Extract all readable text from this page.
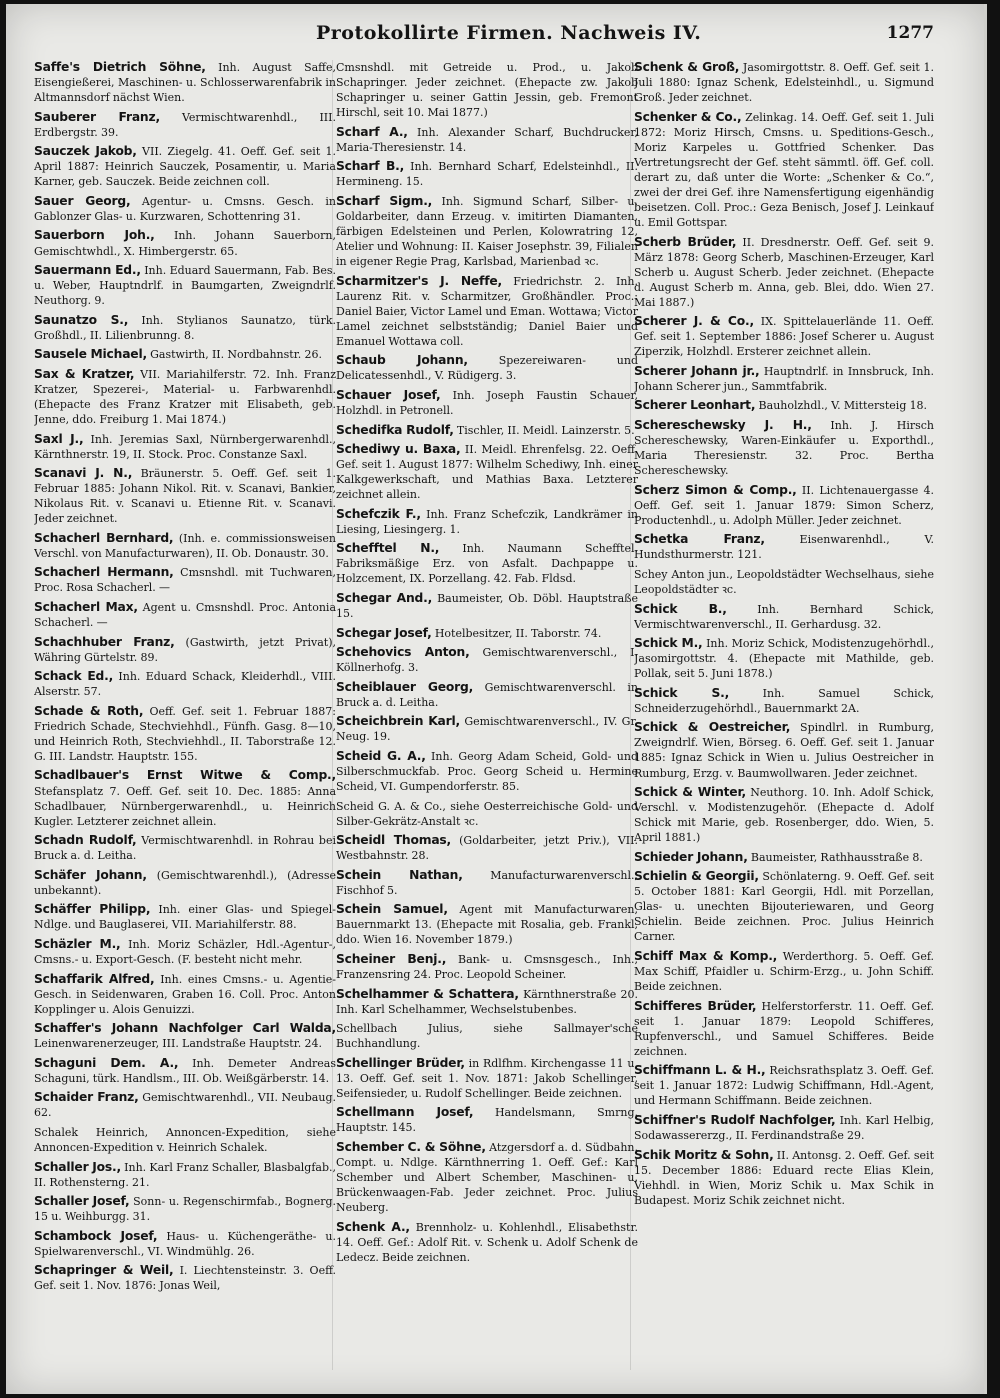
Protokollirte Firmen. Nachweis IV.	1277
Saffe's Dietrich Söhne, Inh. August Saffe, Eisengießerei, Maschinen- u. Schlosserwarenfabrik in Altmannsdorf nächst Wien.
Sauberer Franz, Vermischtwarenhdl., III. Erdbergstr. 39.
Sauczek Jakob, VII. Ziegelg. 41. Oeff. Gef. seit 1. April 1887: Heinrich Sauczek, Posamentir, u. Maria Karner, geb. Sauczek. Beide zeichnen coll.
Sauer Georg, Agentur- u. Cmsns. Gesch. in Gablonzer Glas- u. Kurzwaren, Schottenring 31.
Sauerborn Joh., Inh. Johann Sauerborn, Gemischtwhdl., X. Himbergerstr. 65.
Sauermann Ed., Inh. Eduard Sauermann, Fab. Bes. u. Weber, Hauptndrlf. in Baumgarten, Zweigndrlf. Neuthorg. 9.
Saunatzo S., Inh. Stylianos Saunatzo, türk. Großhdl., II. Lilienbrunng. 8.
Sausele Michael, Gastwirth, II. Nordbahnstr. 26.
Sax & Kratzer, VII. Mariahilferstr. 72. Inh. Franz Kratzer, Spezerei-, Material- u. Farbwarenhdl. (Ehepacte des Franz Kratzer mit Elisabeth, geb. Jenne, ddo. Freiburg 1. Mai 1874.)
Saxl J., Inh. Jeremias Saxl, Nürnbergerwarenhdl., Kärnthnerstr. 19, II. Stock. Proc. Constanze Saxl.
Scanavi J. N., Bräunerstr. 5. Oeff. Gef. seit 1. Februar 1885: Johann Nikol. Rit. v. Scanavi, Bankier, Nikolaus Rit. v. Scanavi u. Etienne Rit. v. Scanavi. Jeder zeichnet.
Schacherl Bernhard, (Inh. e. commissionsweisen Verschl. von Manufacturwaren), II. Ob. Donaustr. 30.
Schacherl Hermann, Cmsnshdl. mit Tuchwaren, Proc. Rosa Schacherl. —
Schacherl Max, Agent u. Cmsnshdl. Proc. Antonia Schacherl. —
Schachhuber Franz, (Gastwirth, jetzt Privat), Währing Gürtelstr. 89.
Schack Ed., Inh. Eduard Schack, Kleiderhdl., VIII. Alserstr. 57.
Schade & Roth, Oeff. Gef. seit 1. Februar 1887: Friedrich Schade, Stechviehhdl., Fünfh. Gasg. 8—10, und Heinrich Roth, Stechviehhdl., II. Taborstraße 12. G. III. Landstr. Hauptstr. 155.
Schadlbauer's Ernst Witwe & Comp., Stefansplatz 7. Oeff. Gef. seit 10. Dec. 1885: Anna Schadlbauer, Nürnbergerwarenhdl., u. Heinrich Kugler. Letzterer zeichnet allein.
Schadn Rudolf, Vermischtwarenhdl. in Rohrau bei Bruck a. d. Leitha.
Schäfer Johann, (Gemischtwarenhdl.), (Adresse unbekannt).
Schäffer Philipp, Inh. einer Glas- und Spiegel-Ndlge. und Bauglaserei, VII. Mariahilferstr. 88.
Schäzler M., Inh. Moriz Schäzler, Hdl.-Agentur-, Cmsns.- u. Export-Gesch. (F. besteht nicht mehr.
Schaffarik Alfred, Inh. eines Cmsns.- u. Agentie-Gesch. in Seidenwaren, Graben 16. Coll. Proc. Anton Kopplinger u. Alois Genuizzi.
Schaffer's Johann Nachfolger Carl Walda, Leinenwarenerzeuger, III. Landstraße Hauptstr. 24.
Schaguni Dem. A., Inh. Demeter Andreas Schaguni, türk. Handlsm., III. Ob. Weißgärberstr. 14.
Schaider Franz, Gemischtwarenhdl., VII. Neubaug. 62.
Schalek Heinrich, Annoncen-Expedition, siehe Annoncen-Expedition v. Heinrich Schalek.
Schaller Jos., Inh. Karl Franz Schaller, Blasbalgfab., II. Rothensterng. 21.
Schaller Josef, Sonn- u. Regenschirmfab., Bognerg. 15 u. Weihburgg. 31.
Schambock Josef, Haus- u. Küchengeräthe- u. Spielwarenverschl., VI. Windmühlg. 26.
Schapringer & Weil, I. Liechtensteinstr. 3. Oeff. Gef. seit 1. Nov. 1876: Jonas Weil,
Cmsnshdl. mit Getreide u. Prod., u. Jakob Schapringer. Jeder zeichnet. (Ehepacte zw. Jakob Schapringer u. seiner Gattin Jessin, geb. Fremont Hirschl, seit 10. Mai 1877.)
Scharf A., Inh. Alexander Scharf, Buchdrucker, Maria-Theresienstr. 14.
Scharf B., Inh. Bernhard Scharf, Edelsteinhdl., II. Hermineng. 15.
Scharf Sigm., Inh. Sigmund Scharf, Silber- u. Goldarbeiter, dann Erzeug. v. imitirten Diamanten, färbigen Edelsteinen und Perlen, Kolowratring 12, Atelier und Wohnung: II. Kaiser Josephstr. 39, Filialen in eigener Regie Prag, Karlsbad, Marienbad ꝛc.
Scharmitzer's J. Neffe, Friedrichstr. 2. Inh. Laurenz Rit. v. Scharmitzer, Großhändler. Proc.: Daniel Baier, Victor Lamel und Eman. Wottawa; Victor Lamel zeichnet selbstständig; Daniel Baier und Emanuel Wottawa coll.
Schaub Johann,	Spezereiwaren- und Delicatessenhdl., V. Rüdigerg. 3.
Schauer Josef, Inh. Joseph Faustin Schauer, Holzhdl. in Petronell.
Schedifka Rudolf, Tischler, II. Meidl. Lainzerstr. 5.
Schediwy u. Baxa, II. Meidl. Ehrenfelsg. 22. Oeff. Gef. seit 1. August 1877: Wilhelm Schediwy, Inh. einer Kalkgewerkschaft, und Mathias Baxa. Letzterer zeichnet allein.
Schefczik F., Inh. Franz Schefczik, Landkrämer in Liesing, Liesingerg. 1.
Schefftel N., Inh. Naumann Schefftel. Fabriksmäßige Erz. von Asfalt. Dachpappe u. Holzcement, IX. Porzellang. 42. Fab. Fldsd.
Schegar And., Baumeister, Ob. Döbl. Hauptstraße 15.
Schegar Josef, Hotelbesitzer, II. Taborstr. 74.
Schehovics Anton, Gemischtwarenverschl., I. Köllnerhofg. 3.
Scheiblauer Georg, Gemischtwarenverschl. in Bruck a. d. Leitha.
Scheichbrein Karl, Gemischtwarenverschl., IV. Gr. Neug. 19.
Scheid G. A., Inh. Georg Adam Scheid, Gold- und Silberschmuckfab. Proc. Georg Scheid u. Hermine Scheid, VI. Gumpendorferstr. 85.
Scheid G. A. & Co., siehe Oesterreichische Gold- und Silber-Gekrätz-Anstalt ꝛc.
Scheidl Thomas, (Goldarbeiter, jetzt Priv.), VII. Westbahnstr. 28.
Schein Nathan,	Manufacturwarenverschl., Fischhof 5.
Schein Samuel, Agent mit Manufacturwaren, Bauernmarkt 13. (Ehepacte mit Rosalia, geb. Frankl, ddo. Wien 16. November 1879.)
Scheiner Benj., Bank- u. Cmsnsgesch., Inh., Franzensring 24. Proc. Leopold Scheiner.
Schelhammer & Schattera, Kärnthnerstraße 20. Inh. Karl Schelhammer, Wechselstubenbes.
Schellbach Julius, siehe Sallmayer'sche Buchhandlung.
Schellinger Brüder, in Rdlfhm. Kirchengasse 11 u. 13. Oeff. Gef. seit 1. Nov. 1871: Jakob Schellinger, Seifensieder, u. Rudolf Schellinger. Beide zeichnen.
Schellmann Josef, Handelsmann, Smrng. Hauptstr. 145.
Schember C. & Söhne, Atzgersdorf a. d. Südbahn. Compt. u. Ndlge. Kärnthnerring 1. Oeff. Gef.: Karl Schember und Albert Schember, Maschinen- u. Brückenwaagen-Fab. Jeder zeichnet. Proc. Julius Neuberg.
Schenk A., Brennholz- u. Kohlenhdl., Elisabethstr. 14. Oeff. Gef.: Adolf Rit. v. Schenk u. Adolf Schenk de Ledecz. Beide zeichnen.
Schenk & Groß, Jasomirgottstr. 8. Oeff. Gef. seit 1. Juli 1880: Ignaz Schenk, Edelsteinhdl., u. Sigmund Groß. Jeder zeichnet.
Schenker & Co., Zelinkag. 14. Oeff. Gef. seit 1. Juli 1872: Moriz Hirsch, Cmsns. u. Speditions-Gesch., Moriz Karpeles u. Gottfried Schenker. Das Vertretungsrecht der Gef. steht sämmtl. öff. Gef. coll. derart zu, daß unter die Worte: „Schenker & Co.“, zwei der drei Gef. ihre Namensfertigung eigenhändig beisetzen. Coll. Proc.: Geza Benisch, Josef J. Leinkauf u. Emil Gottspar.
Scherb Brüder, II. Dresdnerstr. Oeff. Gef. seit 9. März 1878: Georg Scherb, Maschinen-Erzeuger, Karl Scherb u. August Scherb. Jeder zeichnet. (Ehepacte d. August Scherb m. Anna, geb. Blei, ddo. Wien 27. Mai 1887.)
Scherer J. & Co., IX. Spittelauerlände 11. Oeff. Gef. seit 1. September 1886: Josef Scherer u. August Ziperzik, Holzhdl. Ersterer zeichnet allein.
Scherer Johann jr., Hauptndrlf. in Innsbruck, Inh. Johann Scherer jun., Sammtfabrik.
Scherer Leonhart, Bauholzhdl., V. Mittersteig 18.
Schereschewsky J. H., Inh. J. Hirsch Schereschewsky, Waren-Einkäufer u. Exporthdl., Maria Theresienstr. 32. Proc. Bertha Schereschewsky.
Scherz Simon & Comp., II. Lichtenauergasse 4. Oeff. Gef. seit 1. Januar 1879: Simon Scherz, Productenhdl., u. Adolph Müller. Jeder zeichnet.
Schetka Franz,	Eisenwarenhdl., V. Hundsthurmerstr. 121.
Schey Anton jun., Leopoldstädter Wechselhaus, siehe Leopoldstädter ꝛc.
Schick B.,	Inh. Bernhard Schick, Vermischtwarenverschl., II. Gerhardusg. 32.
Schick M., Inh. Moriz Schick, Modistenzugehörhdl., Jasomirgottstr. 4. (Ehepacte mit Mathilde, geb. Pollak, seit 5. Juni 1878.)
Schick S.,	Inh. Samuel Schick, Schneiderzugehörhdl., Bauernmarkt 2A.
Schick & Oestreicher, Spindlrl. in Rumburg, Zweigndrlf. Wien, Börseg. 6. Oeff. Gef. seit 1. Januar 1885: Ignaz Schick in Wien u. Julius Oestreicher in Rumburg, Erzg. v. Baumwollwaren. Jeder zeichnet.
Schick & Winter, Neuthorg. 10. Inh. Adolf Schick, Verschl. v. Modistenzugehör. (Ehepacte d. Adolf Schick mit Marie, geb. Rosenberger, ddo. Wien, 5. April 1881.)
Schieder Johann, Baumeister, Rathhausstraße 8.
Schielin & Georgii, Schönlaterng. 9. Oeff. Gef. seit 5. October 1881: Karl Georgii, Hdl. mit Porzellan, Glas- u. unechten Bijouteriewaren, und Georg Schielin. Beide zeichnen. Proc. Julius Heinrich Carner.
Schiff Max & Komp., Werderthorg. 5. Oeff. Gef. Max Schiff, Pfaidler u. Schirm-Erzg., u. John Schiff. Beide zeichnen.
Schifferes Brüder, Helferstorferstr. 11. Oeff. Gef. seit 1. Januar 1879: Leopold Schifferes, Rupfenverschl., und Samuel Schifferes. Beide zeichnen.
Schiffmann L. & H., Reichsrathsplatz 3. Oeff. Gef. seit 1. Januar 1872: Ludwig Schiffmann, Hdl.-Agent, und Hermann Schiffmann. Beide zeichnen.
Schiffner's Rudolf Nachfolger, Inh. Karl Helbig, Sodawassererzg., II. Ferdinandstraße 29.
Schik Moritz & Sohn, II. Antonsg. 2. Oeff. Gef. seit 15. December 1886: Eduard recte Elias Klein, Viehhdl. in Wien, Moriz Schik u. Max Schik in Budapest. Moriz Schik zeichnet nicht.
